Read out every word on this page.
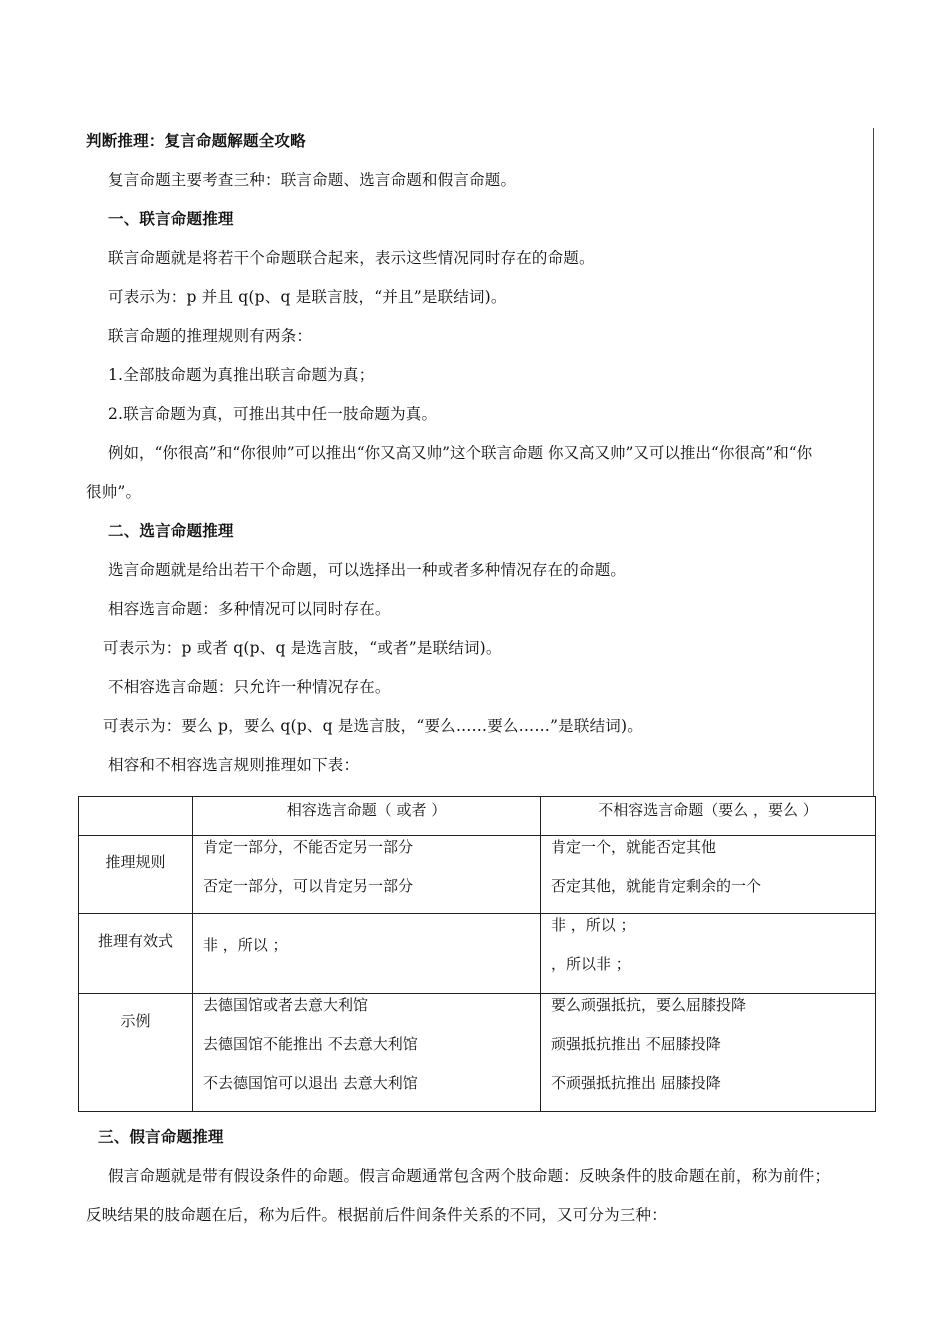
判断推理：复言命题解题全攻略
复言命题主要考查三种：联言命题、选言命题和假言命题。
一、联言命题推理
联言命题就是将若干个命题联合起来，表示这些情况同时存在的命题。
可表示为：p 并且 q(p、q 是联言肢，“并且”是联结词)。
联言命题的推理规则有两条：
1.全部肢命题为真推出联言命题为真；
2.联言命题为真，可推出其中任一肢命题为真。
例如，“你很高”和“你很帅”可以推出“你又高又帅”这个联言命题 你又高又帅”又可以推出“你很高”和“你
很帅”。
二、选言命题推理
选言命题就是给出若干个命题，可以选择出一种或者多种情况存在的命题。
相容选言命题：多种情况可以同时存在。
可表示为：p 或者 q(p、q 是选言肢，“或者”是联结词)。
不相容选言命题：只允许一种情况存在。
可表示为：要么 p，要么 q(p、q 是选言肢，“要么……要么……”是联结词)。
相容和不相容选言规则推理如下表：
	相容选言命题（ 或者 ）	不相容选言命题（要么 ，要么 ）
推理规则	肯定一部分，不能否定另一部分
否定一部分，可以肯定另一部分	肯定一个，就能否定其他
否定其他，就能肯定剩余的一个

推理有效式	非 ，所以 ；	非 ，所以 ；
，所以非 ；

示例	去德国馆或者去意大利馆
去德国馆不能推出 不去意大利馆
不去德国馆可以退出 去意大利馆	要么顽强抵抗，要么屈膝投降
顽强抵抗推出 不屈膝投降
不顽强抵抗推出 屈膝投降
三、假言命题推理
假言命题就是带有假设条件的命题。假言命题通常包含两个肢命题：反映条件的肢命题在前，称为前件；
反映结果的肢命题在后，称为后件。根据前后件间条件关系的不同，又可分为三种：
